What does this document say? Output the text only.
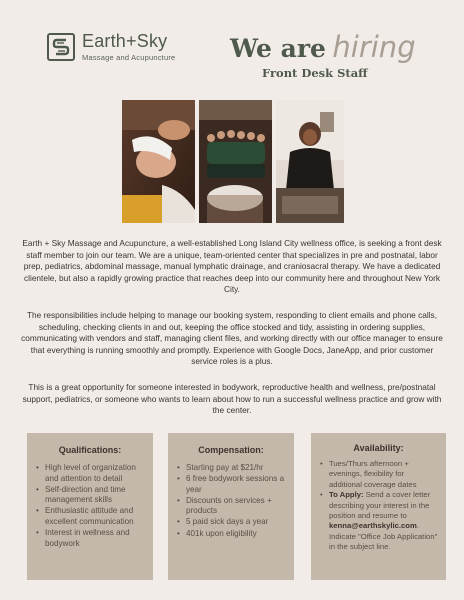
Earth+Sky
Massage and Acupuncture We are hiring
Front Desk Staff

Earth + Sky Massage and Acupuncture, a well-established Long Island City wellness office, is seeking a front desk staff member to join our team. We are a unique, team-oriented center that specializes in pre and postnatal, labor prep, pediatrics, abdominal massage, manual lymphatic drainage, and craniosacral therapy. We have a dedicated clientele, but also a rapidly growing practice that reaches deep into our community here and throughout New York City.

The responsibilities include helping to manage our booking system, responding to client emails and phone calls, scheduling, checking clients in and out, keeping the office stocked and tidy, assisting in ordering supplies, communicating with vendors and staff, managing client files, and working directly with our office manager to ensure that everything is running smoothly and promptly. Experience with Google Docs, JaneApp, and prior customer service roles is a plus.

This is a great opportunity for someone interested in bodywork, reproductive health and wellness, pre/postnatal support, pediatrics, or someone who wants to learn about how to run a successful wellness practice and grow with the center.

Qualifications:
• High level of organization and attention to detail
• Self-direction and time management skills
• Enthusiastic attitude and excellent communication
• Interest in wellness and bodywork
Compensation:
• Starting pay at $21/hr
• 6 free bodywork sessions a year
• Discounts on services + products
• 5 paid sick days a year
• 401k upon eligibility
Availability:
• Tues/Thurs afternoon + evenings, flexibility for additional coverage dates
• To Apply: Send a cover letter describing your interest in the position and resume to kenna@earthskylic.com. Indicate "Office Job Application" in the subject line.
